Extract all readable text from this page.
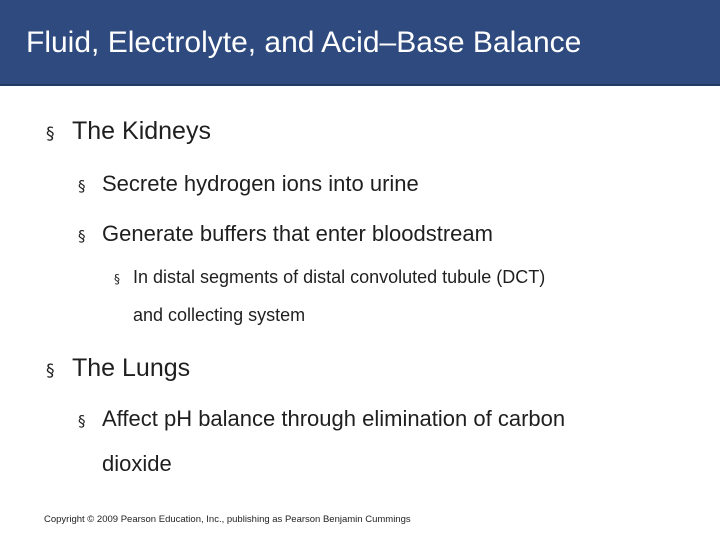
Fluid, Electrolyte, and Acid–Base Balance
§ The Kidneys
§ Secrete hydrogen ions into urine
§ Generate buffers that enter bloodstream
§ In distal segments of distal convoluted tubule (DCT)
and collecting system
§ The Lungs
§ Affect pH balance through elimination of carbon
dioxide
Copyright © 2009 Pearson Education, Inc., publishing as Pearson Benjamin Cummings
